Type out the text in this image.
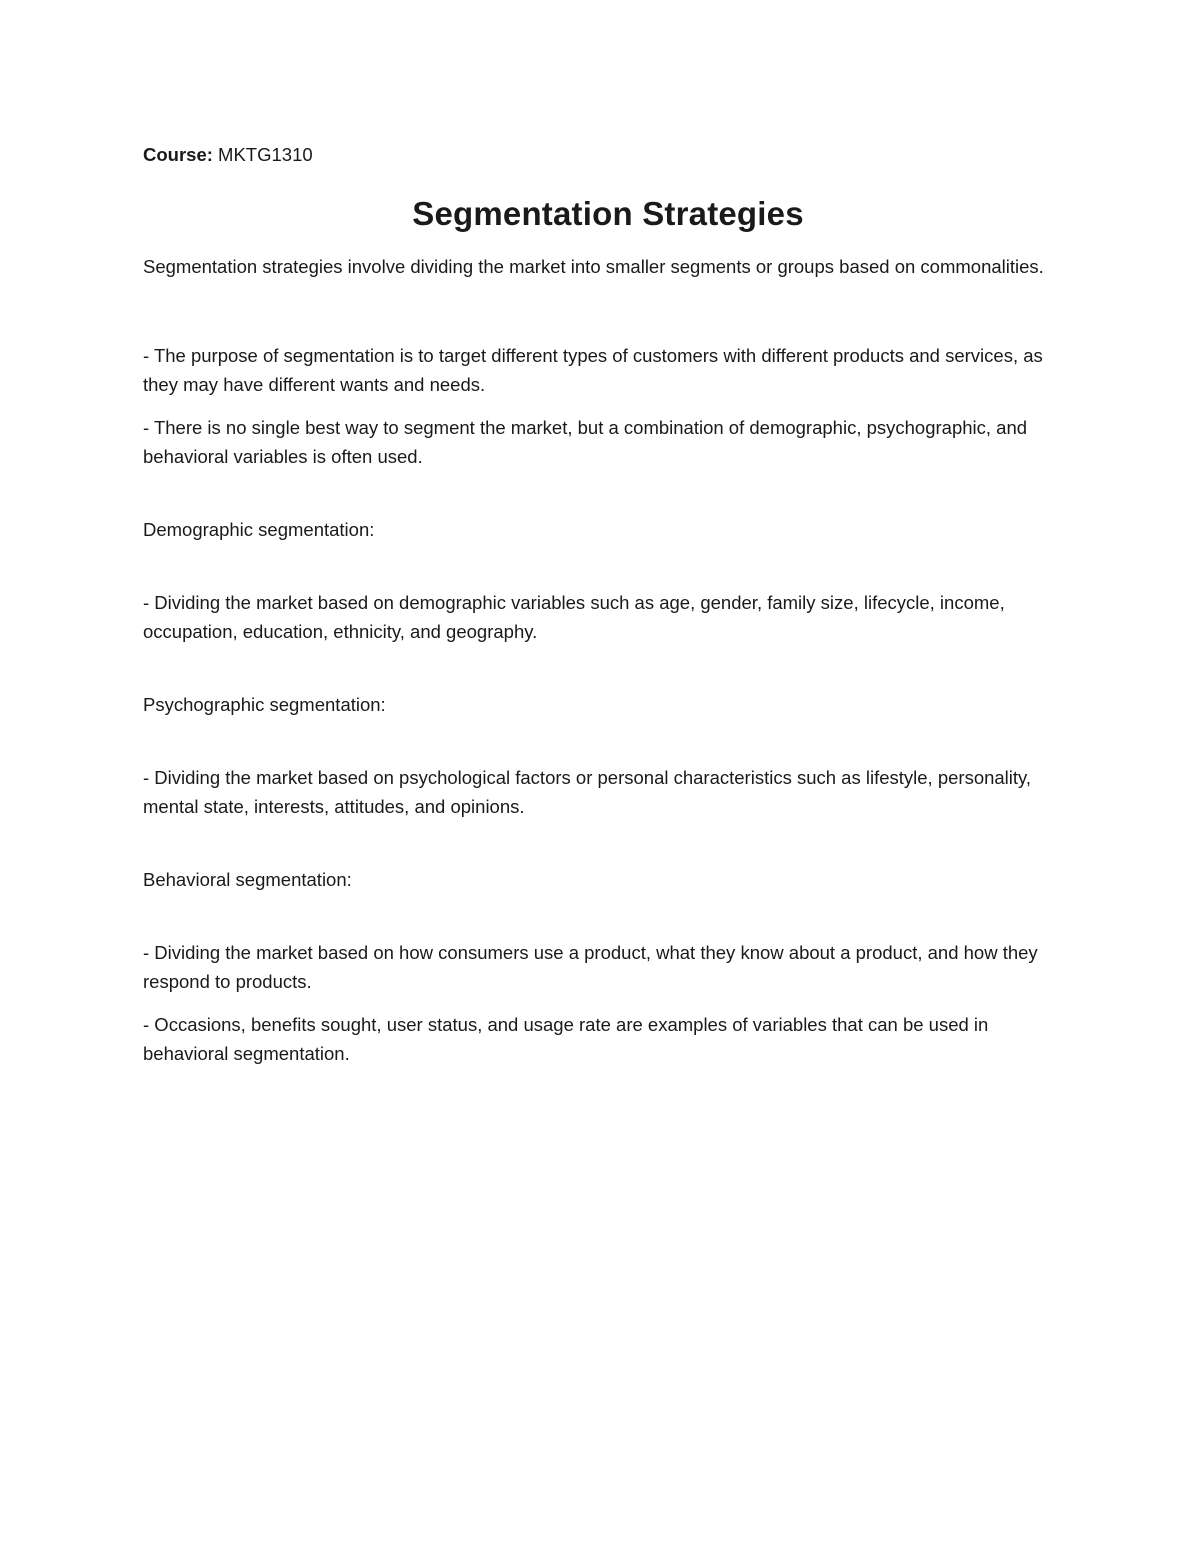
Course: MKTG1310

Segmentation Strategies

Segmentation strategies involve dividing the market into smaller segments or groups based on commonalities.

- The purpose of segmentation is to target different types of customers with different products and services, as they may have different wants and needs.

- There is no single best way to segment the market, but a combination of demographic, psychographic, and behavioral variables is often used.

Demographic segmentation:

- Dividing the market based on demographic variables such as age, gender, family size, lifecycle, income, occupation, education, ethnicity, and geography.

Psychographic segmentation:

- Dividing the market based on psychological factors or personal characteristics such as lifestyle, personality, mental state, interests, attitudes, and opinions.

Behavioral segmentation:

- Dividing the market based on how consumers use a product, what they know about a product, and how they respond to products.

- Occasions, benefits sought, user status, and usage rate are examples of variables that can be used in behavioral segmentation.
